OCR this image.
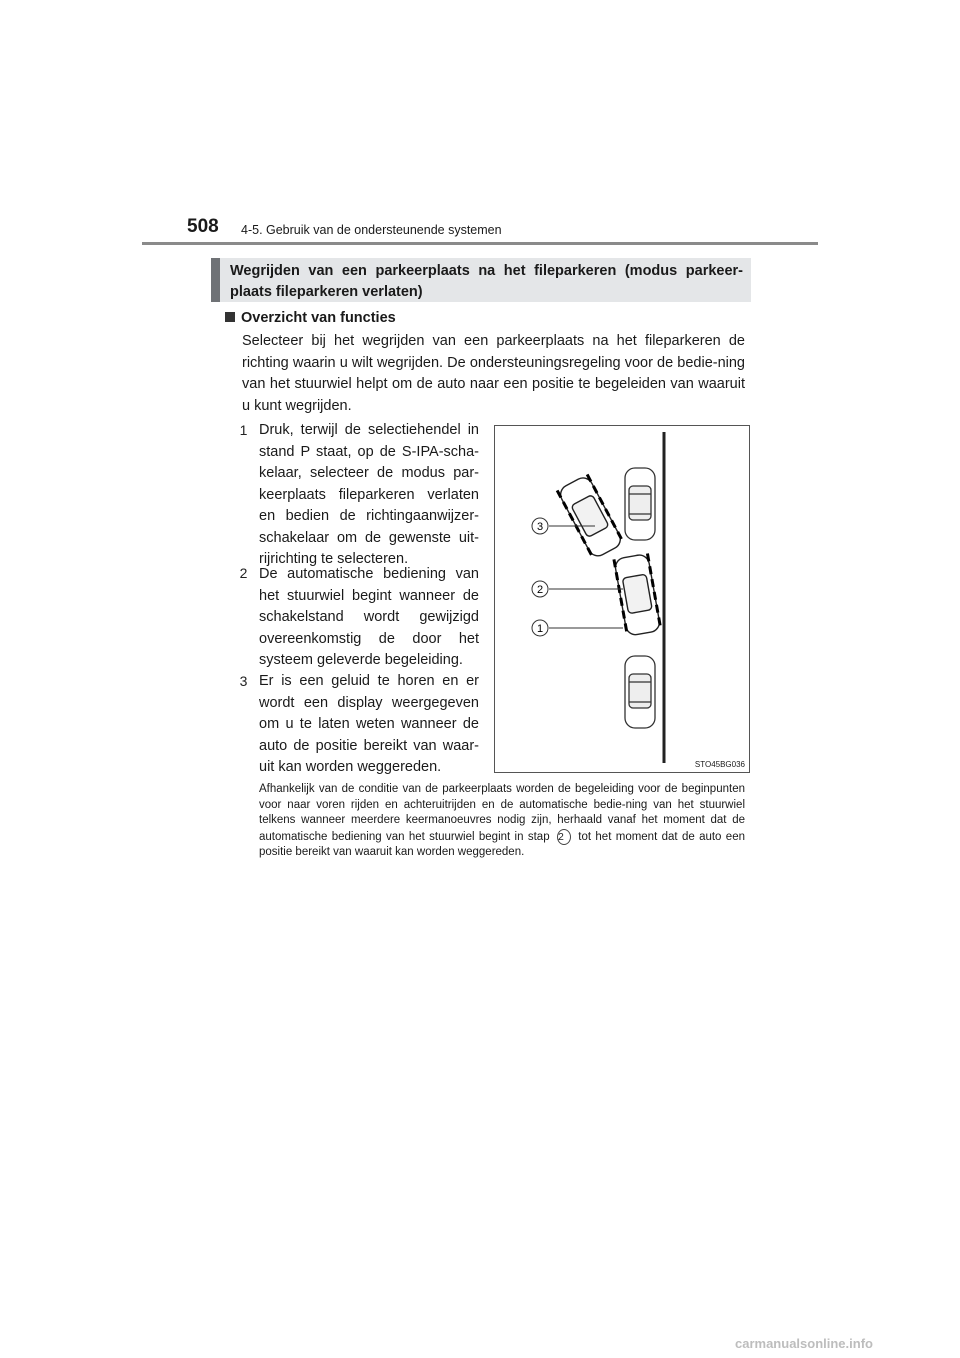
508 4-5. Gebruik van de ondersteunende systemen
Wegrijden van een parkeerplaats na het fileparkeren (modus parkeer-plaats fileparkeren verlaten)
Overzicht van functies
Selecteer bij het wegrijden van een parkeerplaats na het fileparkeren de richting waarin u wilt wegrijden. De ondersteuningsregeling voor de bedie-ning van het stuurwiel helpt om de auto naar een positie te begeleiden van waaruit u kunt wegrijden.
1 Druk, terwijl de selectiehendel in stand P staat, op de S-IPA-scha-kelaar, selecteer de modus par-keerplaats fileparkeren verlaten en bedien de richtingaanwijzer-schakelaar om de gewenste uit-rijrichting te selecteren.
2 De automatische bediening van het stuurwiel begint wanneer de schakelstand wordt gewijzigd overeenkomstig de door het systeem geleverde begeleiding.
3 Er is een geluid te horen en er wordt een display weergegeven om u te laten weten wanneer de auto de positie bereikt van waar-uit kan worden weggereden.
Afhankelijk van de conditie van de parkeerplaats worden de begeleiding voor de beginpunten voor naar voren rijden en achteruitrijden en de automatische bedie-ning van het stuurwiel telkens wanneer meerdere keermanoeuvres nodig zijn, herhaald vanaf het moment dat de automatische bediening van het stuurwiel begint in stap 2 tot het moment dat de auto een positie bereikt van waaruit kan worden weggereden.
3
2
1
STO45BG036
carmanualsonline.info
